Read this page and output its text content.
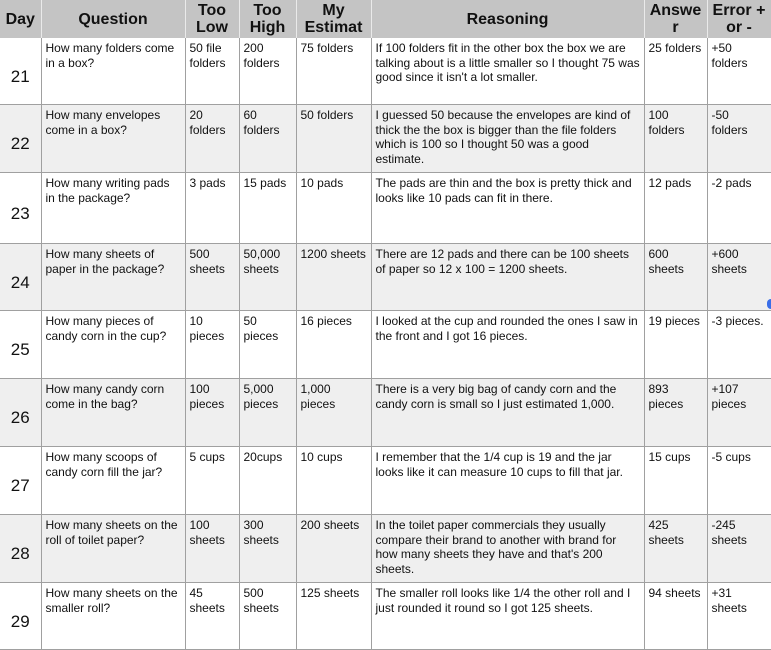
Day	Question	Too Low	Too High	My Estimat	Reasoning	Answe r	Error + or -
21	How many folders come in a box?	50 file folders	200 folders	75 folders	If 100 folders fit in the other box the box we are talking about is a little smaller so I thought 75 was good since it isn't a lot smaller.	25 folders	+50 folders
22	How many envelopes come in a box?	20 folders	60 folders	50 folders	I guessed 50 because the envelopes are kind of thick the the box is bigger than the file folders which is 100 so I thought 50 was a good estimate.	100 folders	-50 folders
23	How many writing pads in the package?	3 pads	15 pads	10 pads	The pads are thin and the box is pretty thick and looks like 10 pads can fit in there.	12 pads	-2 pads
24	How many sheets of paper in the package?	500 sheets	50,000 sheets	1200 sheets	There are 12 pads and there can be 100 sheets of paper so 12 x 100 = 1200 sheets.	600 sheets	+600 sheets
25	How many pieces of candy corn in the cup?	10 pieces	50 pieces	16 pieces	I looked at the cup and rounded the ones I saw in the front and I got 16 pieces.	19 pieces	-3 pieces.
26	How many candy corn come in the bag?	100 pieces	5,000 pieces	1,000 pieces	There is a very big bag of candy corn and the candy corn is small so I just estimated 1,000.	893 pieces	+107 pieces
27	How many scoops of candy corn fill the jar?	5 cups	20cups	10 cups	I remember that the 1/4 cup is 19 and the jar looks like it can measure 10 cups to fill that jar.	15 cups	-5 cups
28	How many sheets on the roll of toilet paper?	100 sheets	300 sheets	200 sheets	In the toilet paper commercials they usually compare their brand to another with brand for how many sheets they have and that's 200 sheets.	425 sheets	-245 sheets
29	How many sheets on the smaller roll?	45 sheets	500 sheets	125 sheets	The smaller roll looks like 1/4 the other roll and I just rounded it round so I got 125 sheets.	94 sheets	+31 sheets
